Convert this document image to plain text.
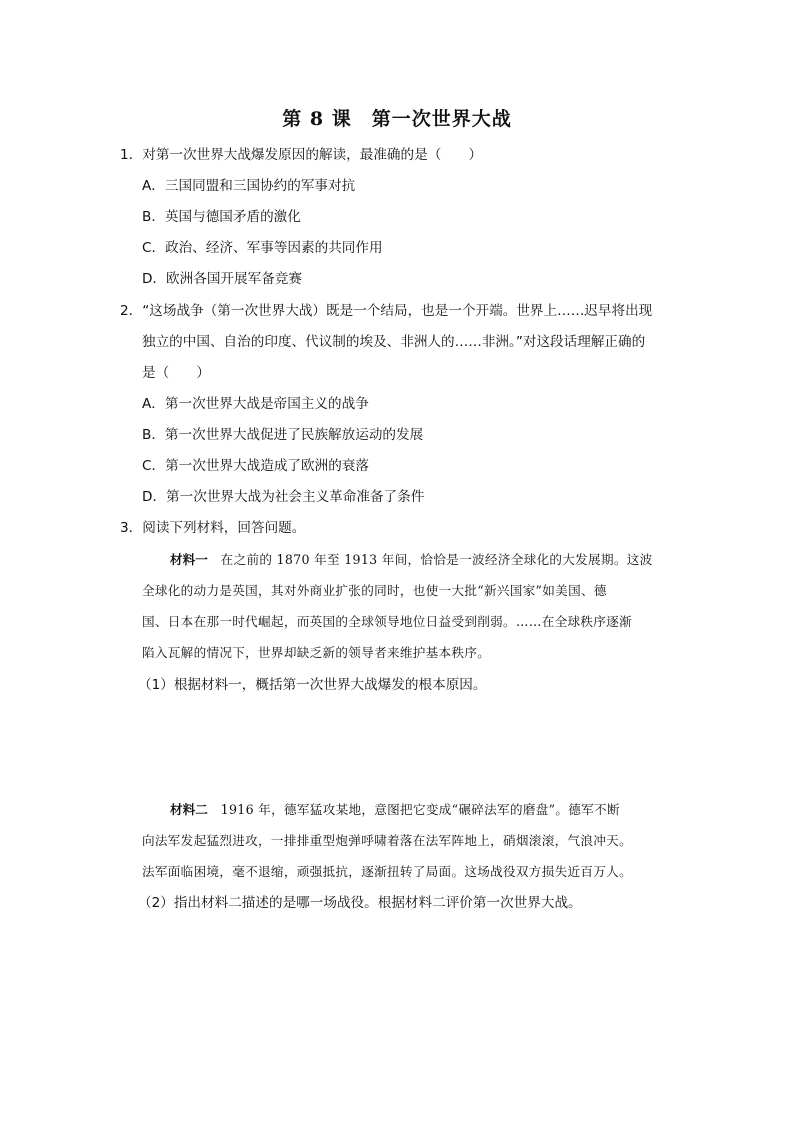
第 8 课　第一次世界大战

1．对第一次世界大战爆发原因的解读，最准确的是（　　）

A．三国同盟和三国协约的军事对抗

B．英国与德国矛盾的激化

C．政治、经济、军事等因素的共同作用

D．欧洲各国开展军备竞赛

2．“这场战争（第一次世界大战）既是一个结局，也是一个开端。世界上……迟早将出现

独立的中国、自治的印度、代议制的埃及、非洲人的……非洲。”对这段话理解正确的

是（　　）

A．第一次世界大战是帝国主义的战争

B．第一次世界大战促进了民族解放运动的发展

C．第一次世界大战造成了欧洲的衰落

D．第一次世界大战为社会主义革命准备了条件

3．阅读下列材料，回答问题。

材料一　在之前的 1870 年至 1913 年间，恰恰是一波经济全球化的大发展期。这波

全球化的动力是英国，其对外商业扩张的同时，也使一大批“新兴国家”如美国、德

国、日本在那一时代崛起，而英国的全球领导地位日益受到削弱。……在全球秩序逐渐

陷入瓦解的情况下，世界却缺乏新的领导者来维护基本秩序。

（1）根据材料一，概括第一次世界大战爆发的根本原因。

材料二　1916 年，德军猛攻某地，意图把它变成“碾碎法军的磨盘”。德军不断

向法军发起猛烈进攻，一排排重型炮弹呼啸着落在法军阵地上，硝烟滚滚，气浪冲天。

法军面临困境，毫不退缩，顽强抵抗，逐渐扭转了局面。这场战役双方损失近百万人。

（2）指出材料二描述的是哪一场战役。根据材料二评价第一次世界大战。
